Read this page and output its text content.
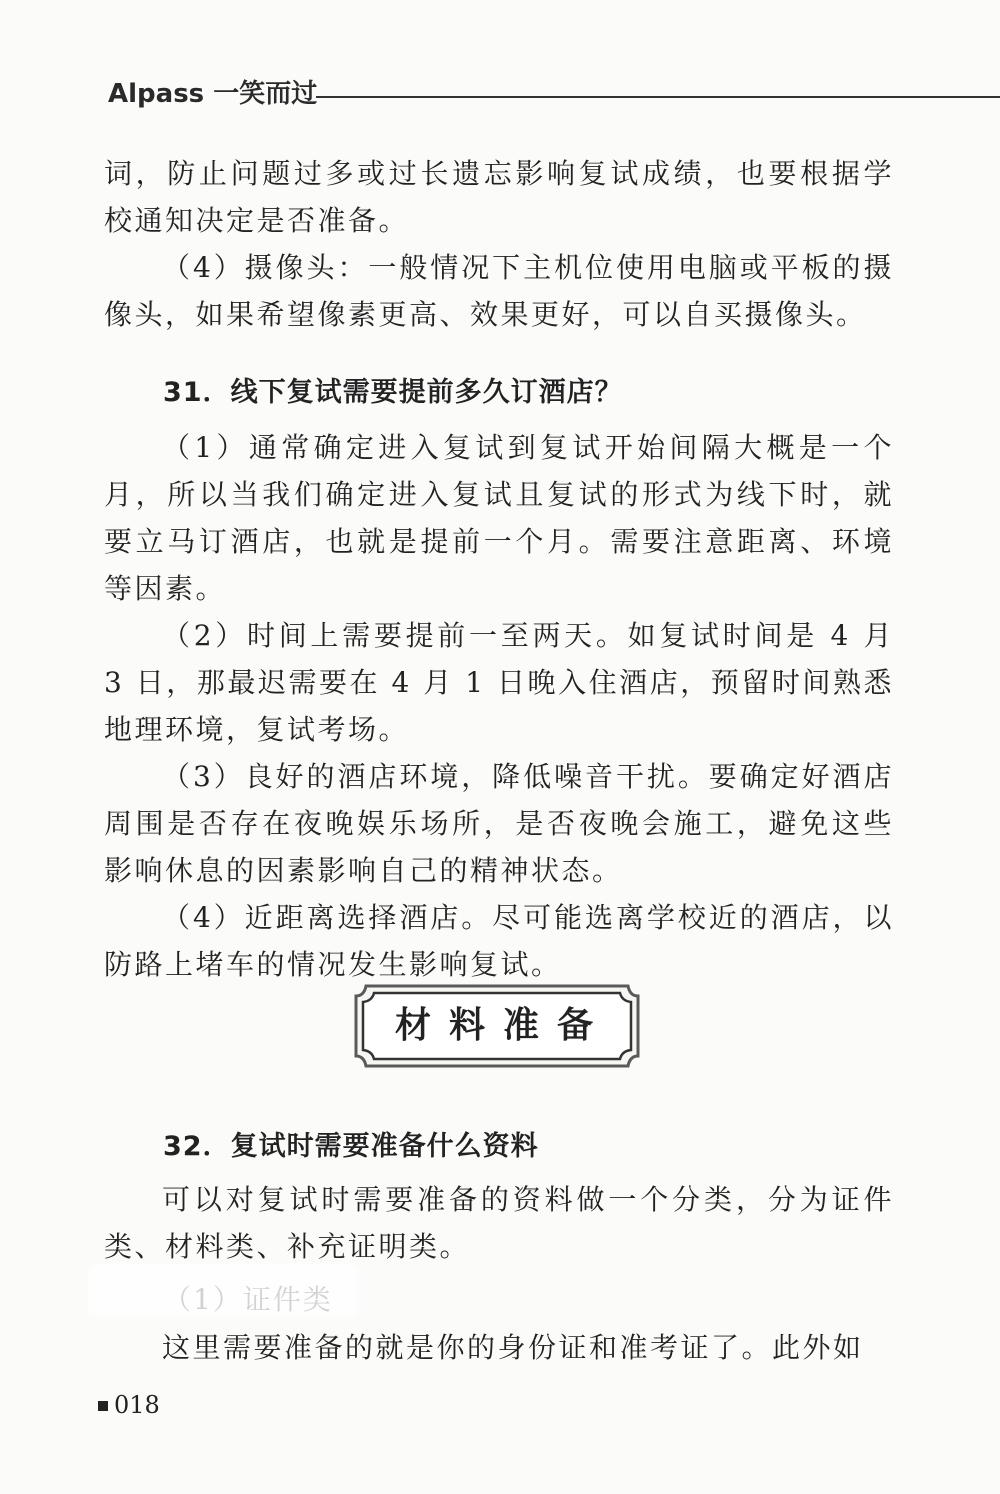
Alpass 一笑而过

词，防止问题过多或过长遗忘影响复试成绩，也要根据学校通知决定是否准备。

（4）摄像头：一般情况下主机位使用电脑或平板的摄像头，如果希望像素更高、效果更好，可以自买摄像头。

31．线下复试需要提前多久订酒店？

（1）通常确定进入复试到复试开始间隔大概是一个月，所以当我们确定进入复试且复试的形式为线下时，就要立马订酒店，也就是提前一个月。需要注意距离、环境等因素。

（2）时间上需要提前一至两天。如复试时间是 4 月 3 日，那最迟需要在 4 月 1 日晚入住酒店，预留时间熟悉地理环境，复试考场。

（3）良好的酒店环境，降低噪音干扰。要确定好酒店周围是否存在夜晚娱乐场所，是否夜晚会施工，避免这些影响休息的因素影响自己的精神状态。

（4）近距离选择酒店。尽可能选离学校近的酒店，以防路上堵车的情况发生影响复试。

材料准备
32．复试时需要准备什么资料

可以对复试时需要准备的资料做一个分类，分为证件类、材料类、补充证明类。

这里需要准备的就是你的身份证和准考证了。此外如

018
